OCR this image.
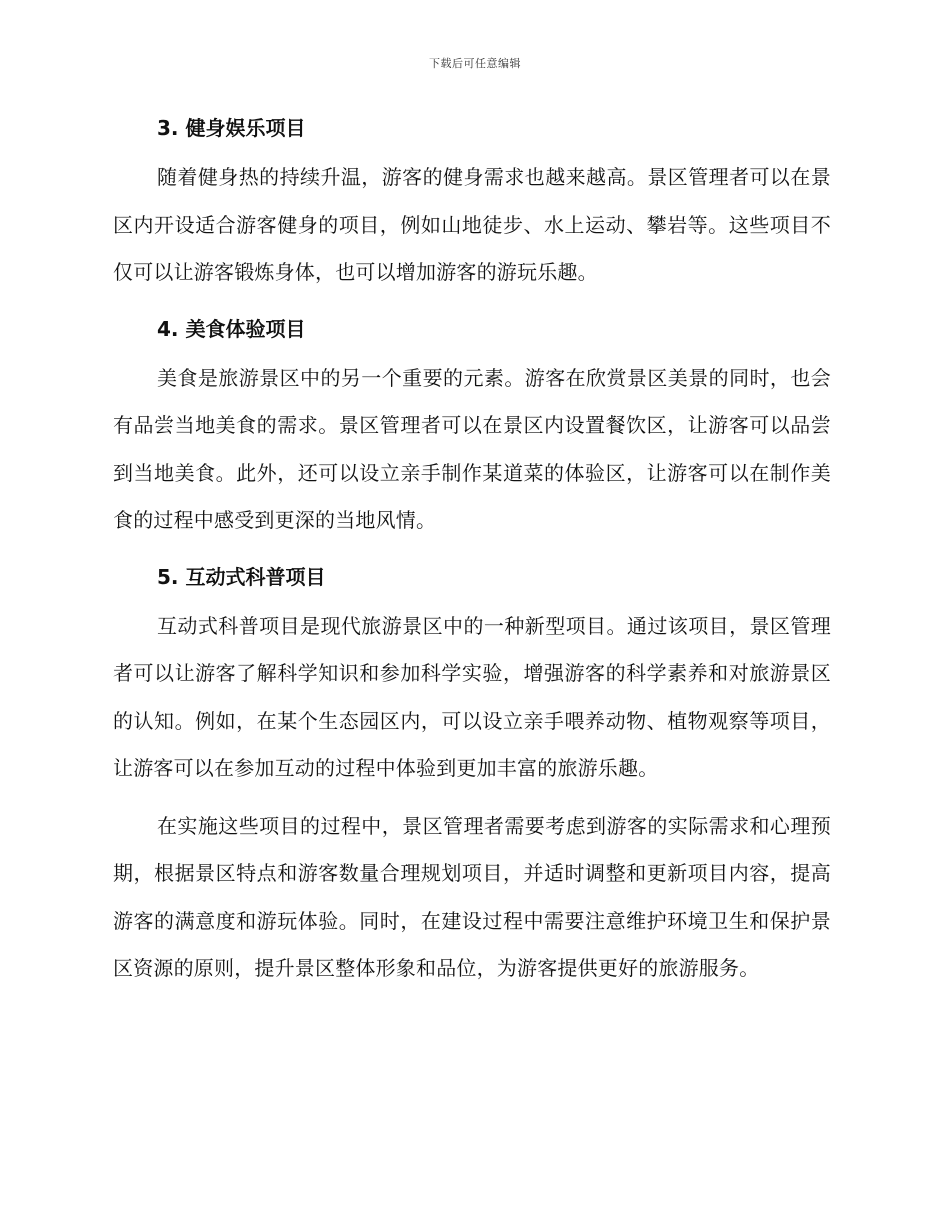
下载后可任意编辑
3. 健身娱乐项目

随着健身热的持续升温，游客的健身需求也越来越高。景区管理者可以在景区内开设适合游客健身的项目，例如山地徒步、水上运动、攀岩等。这些项目不仅可以让游客锻炼身体，也可以增加游客的游玩乐趣。

4. 美食体验项目

美食是旅游景区中的另一个重要的元素。游客在欣赏景区美景的同时，也会有品尝当地美食的需求。景区管理者可以在景区内设置餐饮区，让游客可以品尝到当地美食。此外，还可以设立亲手制作某道菜的体验区，让游客可以在制作美食的过程中感受到更深的当地风情。

5. 互动式科普项目

互动式科普项目是现代旅游景区中的一种新型项目。通过该项目，景区管理者可以让游客了解科学知识和参加科学实验，增强游客的科学素养和对旅游景区的认知。例如，在某个生态园区内，可以设立亲手喂养动物、植物观察等项目，让游客可以在参加互动的过程中体验到更加丰富的旅游乐趣。

在实施这些项目的过程中，景区管理者需要考虑到游客的实际需求和心理预期，根据景区特点和游客数量合理规划项目，并适时调整和更新项目内容，提高游客的满意度和游玩体验。同时，在建设过程中需要注意维护环境卫生和保护景区资源的原则，提升景区整体形象和品位，为游客提供更好的旅游服务。
